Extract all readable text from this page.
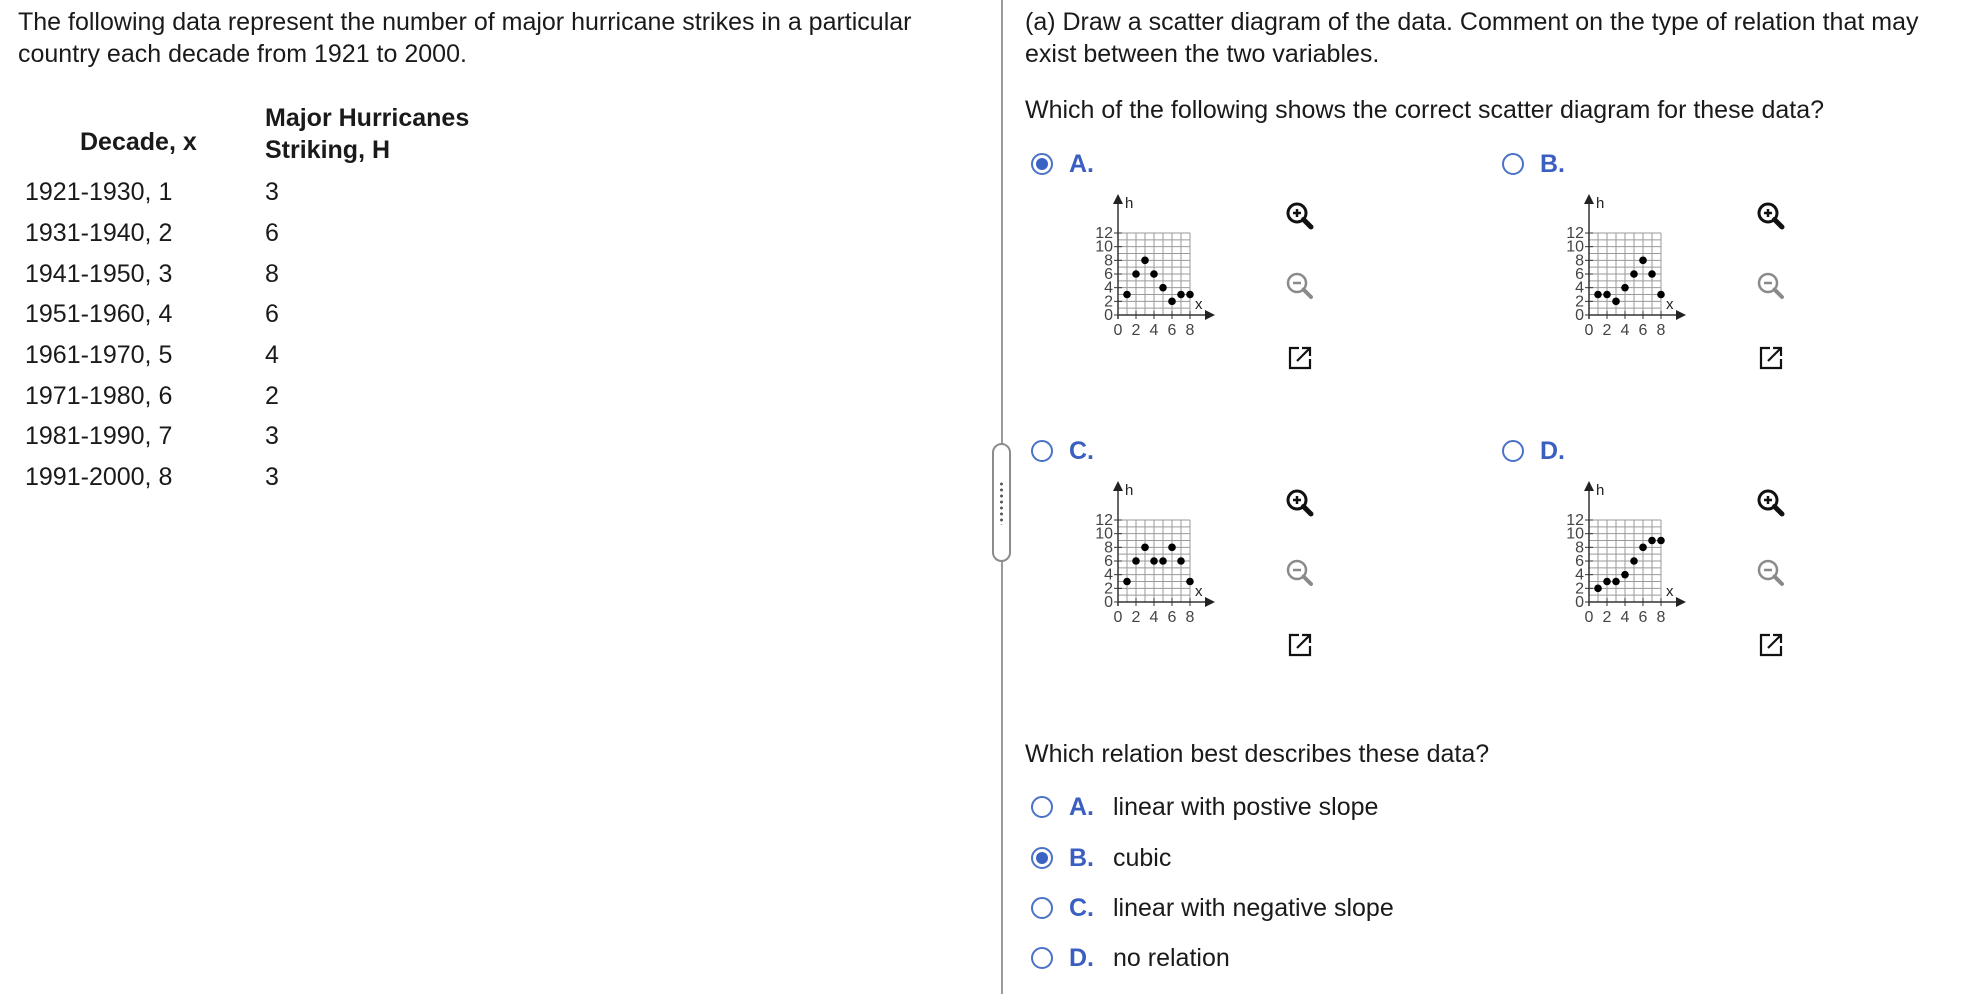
The following data represent the number of major hurricane strikes in a particular country each decade from 1921 to 2000.

Decade, x
Major Hurricanes
Striking, H
1921-1930, 1	3
1931-1940, 2	6
1941-1950, 3	8
1951-1960, 4	6
1961-1970, 5	4
1971-1980, 6	2
1981-1990, 7	3
1991-2000, 8	3

(a) Draw a scatter diagram of the data. Comment on the type of relation that may exist between the two variables.

Which of the following shows the correct scatter diagram for these data?

A.
h
x
0
2
4
6
8
10
12
0 2 4 6 8
B.
h
x
0
2
4
6
8
10
12
0 2 4 6 8
C.
h
x
0
2
4
6
8
10
12
0 2 4 6 8
D.
h
x
0
2
4
6
8
10
12
0 2 4 6 8

Which relation best describes these data?

A. linear with postive slope
B. cubic
C. linear with negative slope
D. no relation
